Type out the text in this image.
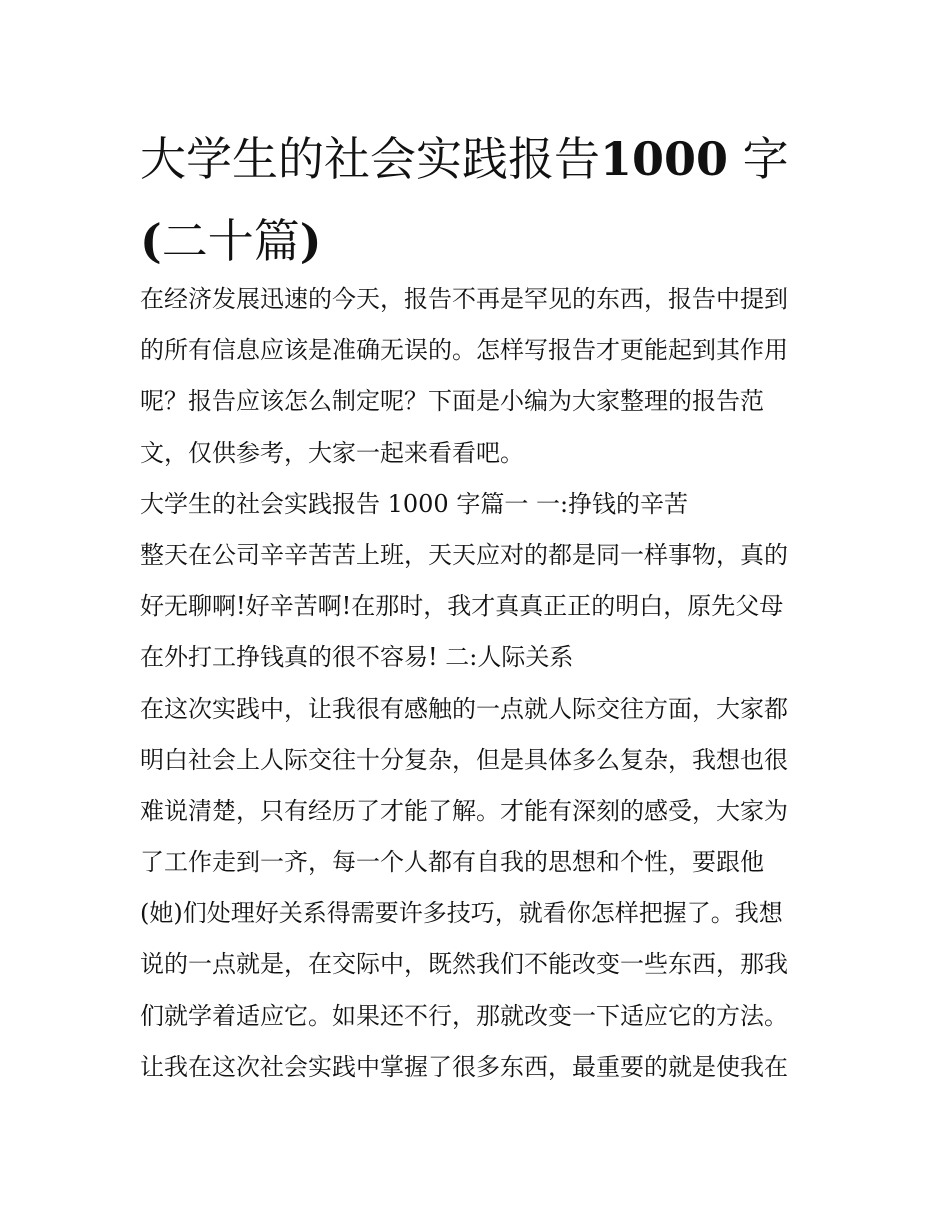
大学生的社会实践报告1000 字
(二十篇)
在经济发展迅速的今天，报告不再是罕见的东西，报告中提到
的所有信息应该是准确无误的。怎样写报告才更能起到其作用
呢？报告应该怎么制定呢？下面是小编为大家整理的报告范
文，仅供参考，大家一起来看看吧。
大学生的社会实践报告 1000 字篇一 一:挣钱的辛苦
整天在公司辛辛苦苦上班，天天应对的都是同一样事物，真的
好无聊啊!好辛苦啊!在那时，我才真真正正的明白，原先父母
在外打工挣钱真的很不容易! 二:人际关系
在这次实践中，让我很有感触的一点就人际交往方面，大家都
明白社会上人际交往十分复杂，但是具体多么复杂，我想也很
难说清楚，只有经历了才能了解。才能有深刻的感受，大家为
了工作走到一齐，每一个人都有自我的思想和个性，要跟他
(她)们处理好关系得需要许多技巧，就看你怎样把握了。我想
说的一点就是，在交际中，既然我们不能改变一些东西，那我
们就学着适应它。如果还不行，那就改变一下适应它的方法。
让我在这次社会实践中掌握了很多东西，最重要的就是使我在
